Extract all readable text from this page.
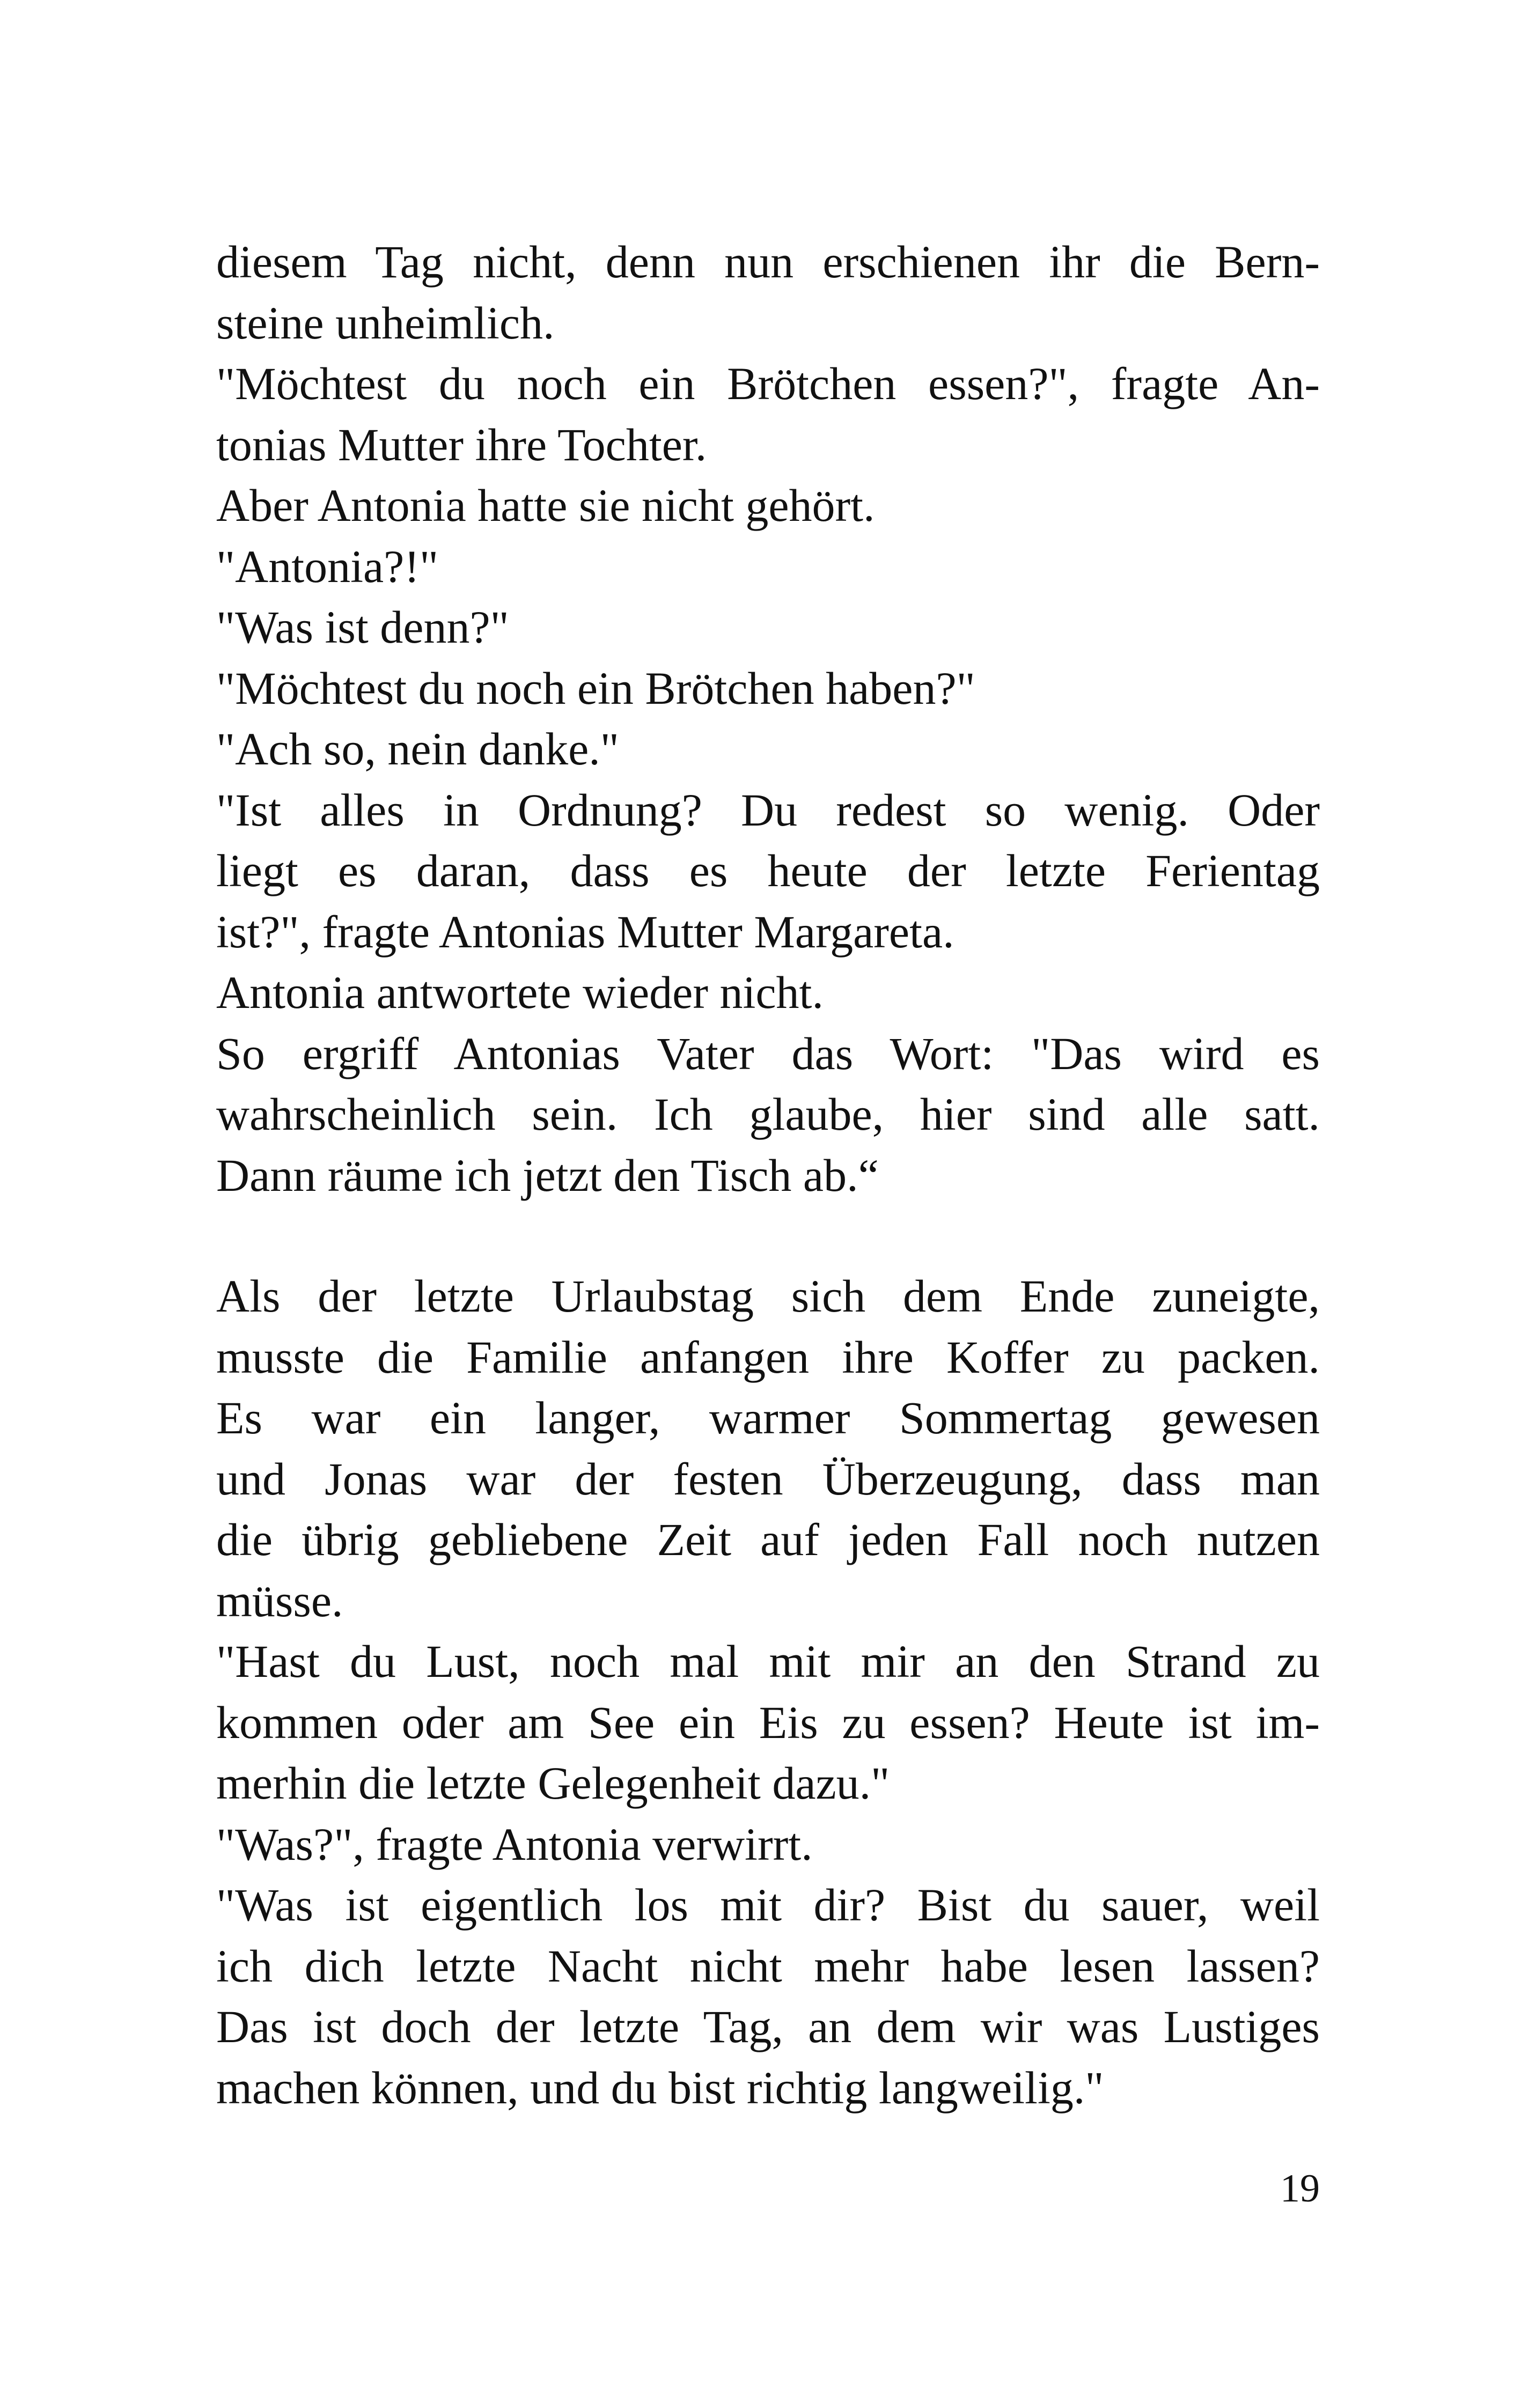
diesem Tag nicht, denn nun erschienen ihr die Bern-
steine unheimlich.
"Möchtest du noch ein Brötchen essen?", fragte An-
tonias Mutter ihre Tochter.
Aber Antonia hatte sie nicht gehört.
"Antonia?!"
"Was ist denn?"
"Möchtest du noch ein Brötchen haben?"
"Ach so, nein danke."
"Ist alles in Ordnung? Du redest so wenig. Oder
liegt es daran, dass es heute der letzte Ferientag
ist?", fragte Antonias Mutter Margareta.
Antonia antwortete wieder nicht.
So ergriff Antonias Vater das Wort: "Das wird es
wahrscheinlich sein. Ich glaube, hier sind alle satt.
Dann räume ich jetzt den Tisch ab.“
Als der letzte Urlaubstag sich dem Ende zuneigte,
musste die Familie anfangen ihre Koffer zu packen.
Es war ein langer, warmer Sommertag gewesen
und Jonas war der festen Überzeugung, dass man
die übrig gebliebene Zeit auf jeden Fall noch nutzen
müsse.
"Hast du Lust, noch mal mit mir an den Strand zu
kommen oder am See ein Eis zu essen? Heute ist im-
merhin die letzte Gelegenheit dazu."
"Was?", fragte Antonia verwirrt.
"Was ist eigentlich los mit dir? Bist du sauer, weil
ich dich letzte Nacht nicht mehr habe lesen lassen?
Das ist doch der letzte Tag, an dem wir was Lustiges
machen können, und du bist richtig langweilig."
19
